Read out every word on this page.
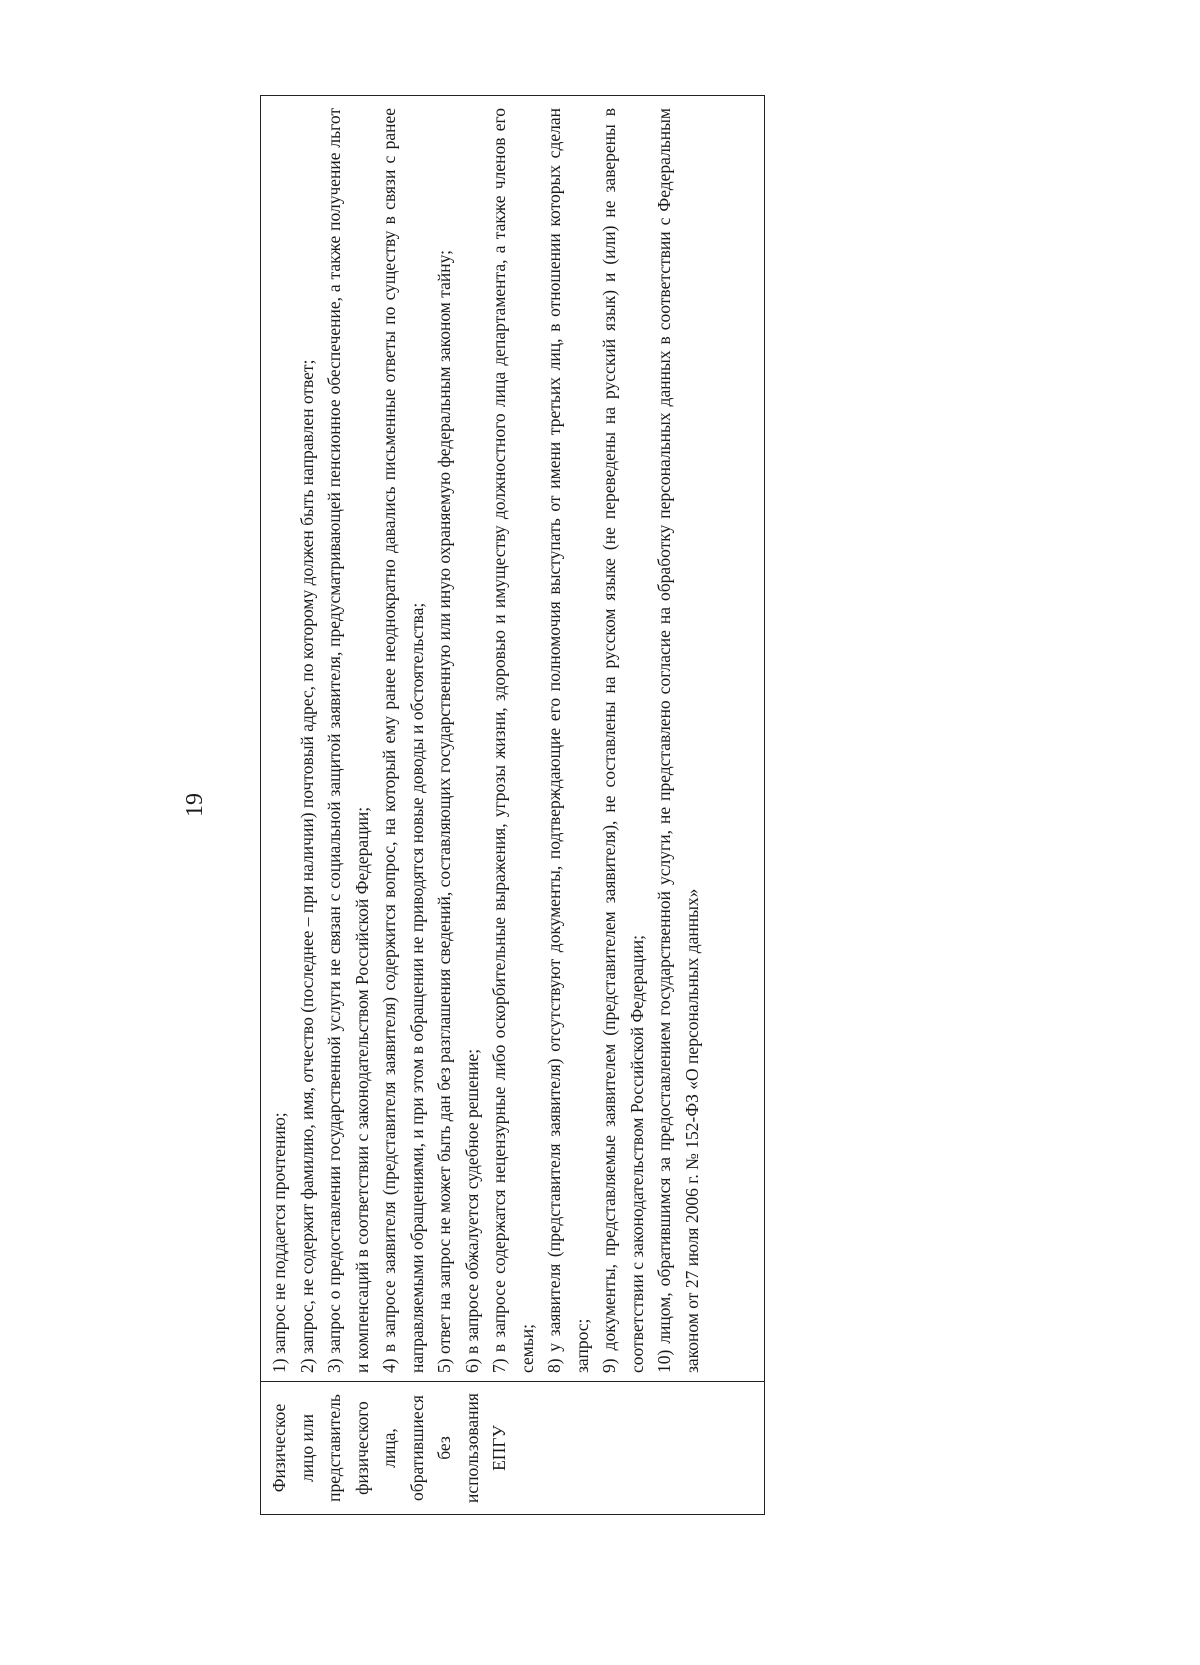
19
Физическое лицо или представитель физического лица, обратившиеся без использования ЕПГУ

1) запрос не поддается прочтению; 2) запрос, не содержит фамилию, имя, отчество (последнее – при наличии) почтовый адрес, по которому должен быть направлен ответ; 3) запрос о предоставлении государственной услуги не связан с социальной защитой заявителя, предусматривающей пенсионное обеспечение, а также получение льгот и компенсаций в соответствии с законодательством Российской Федерации; 4) в запросе заявителя (представителя заявителя) содержится вопрос, на который ему ранее неоднократно давались письменные ответы по существу в связи с ранее направляемыми обращениями, и при этом в обращении не приводятся новые доводы и обстоятельства; 5) ответ на запрос не может быть дан без разглашения сведений, составляющих государственную или иную охраняемую федеральным законом тайну; 6) в запросе обжалуется судебное решение; 7) в запросе содержатся нецензурные либо оскорбительные выражения, угрозы жизни, здоровью и имуществу должностного лица департамента, а также членов его семьи; 8) у заявителя (представителя заявителя) отсутствуют документы, подтверждающие его полномочия выступать от имени третьих лиц, в отношении которых сделан запрос; 9) документы, представляемые заявителем (представителем заявителя), не составлены на русском языке (не переведены на русский язык) и (или) не заверены в соответствии с законодательством Российской Федерации; 10) лицом, обратившимся за предоставлением государственной услуги, не представлено согласие на обработку персональных данных в соответствии с Федеральным законом от 27 июля 2006 г. № 152-ФЗ «О персональных данных»
